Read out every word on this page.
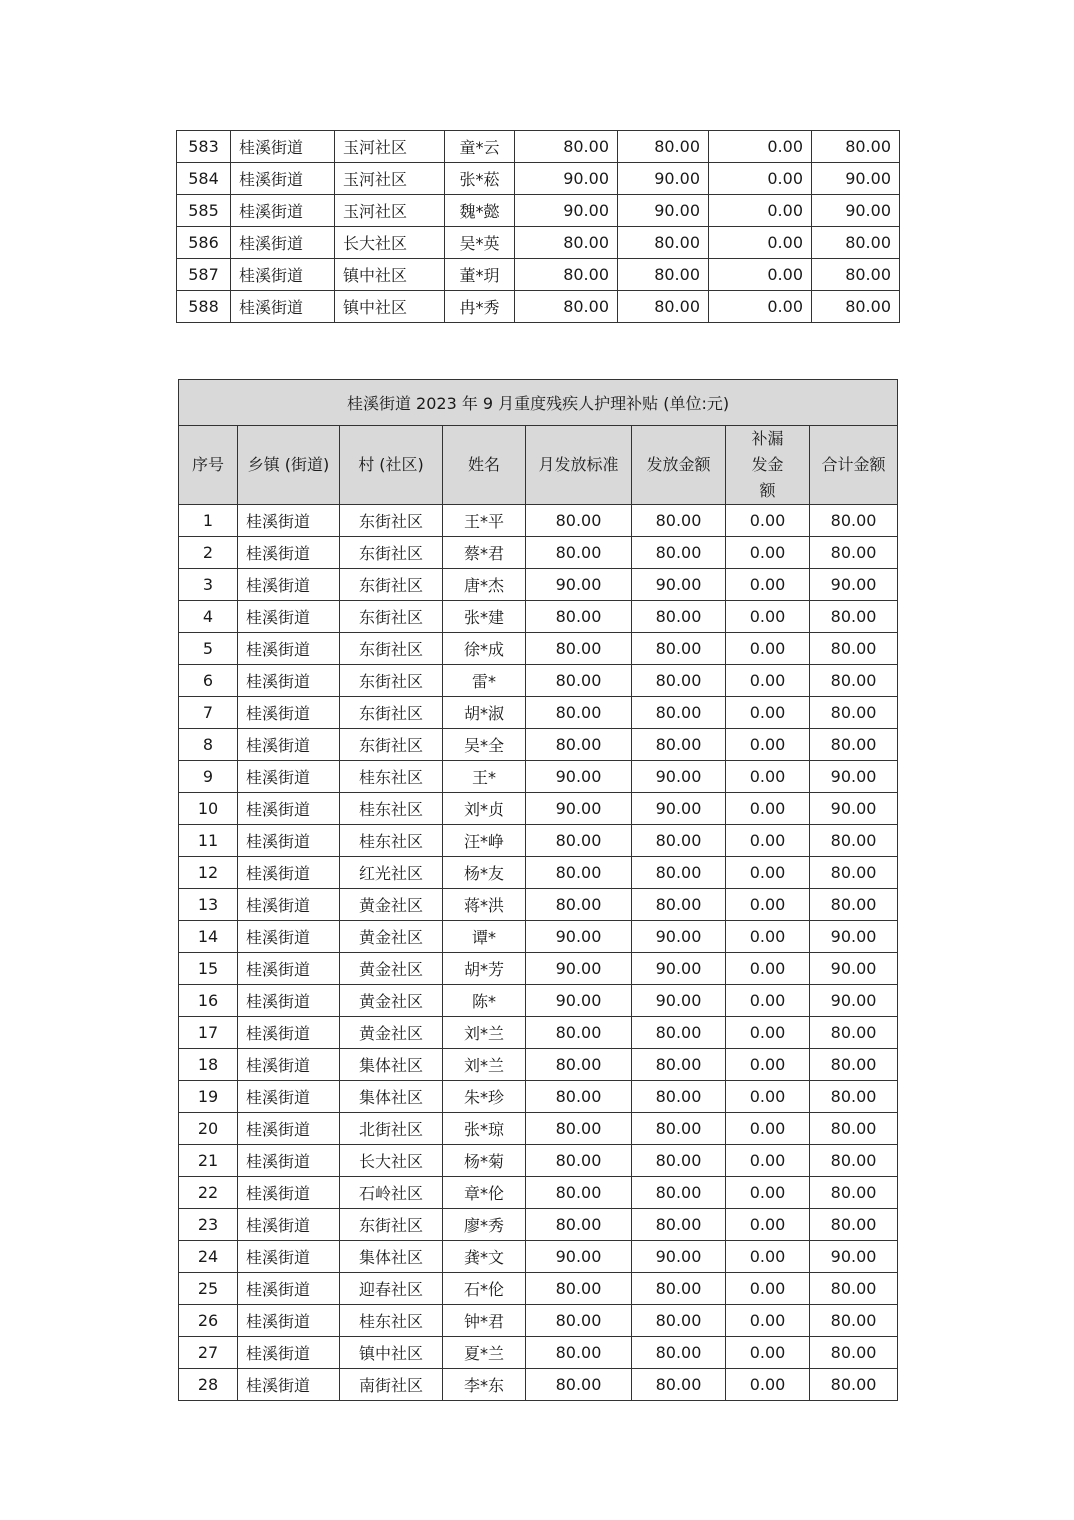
583	桂溪街道	玉河社区	童*云	80.00	80.00	0.00	80.00
584	桂溪街道	玉河社区	张*菘	90.00	90.00	0.00	90.00
585	桂溪街道	玉河社区	魏*懿	90.00	90.00	0.00	90.00
586	桂溪街道	长大社区	吴*英	80.00	80.00	0.00	80.00
587	桂溪街道	镇中社区	董*玥	80.00	80.00	0.00	80.00
588	桂溪街道	镇中社区	冉*秀	80.00	80.00	0.00	80.00
桂溪街道 2023 年 9 月重度残疾人护理补贴 (单位:元)							
序号	乡镇 (街道)	村 (社区)	姓名	月发放标准	发放金额	补漏发金额	合计金额
1	桂溪街道	东街社区	王*平	80.00	80.00	0.00	80.00
2	桂溪街道	东街社区	蔡*君	80.00	80.00	0.00	80.00
3	桂溪街道	东街社区	唐*杰	90.00	90.00	0.00	90.00
4	桂溪街道	东街社区	张*建	80.00	80.00	0.00	80.00
5	桂溪街道	东街社区	徐*成	80.00	80.00	0.00	80.00
6	桂溪街道	东街社区	雷*	80.00	80.00	0.00	80.00
7	桂溪街道	东街社区	胡*淑	80.00	80.00	0.00	80.00
8	桂溪街道	东街社区	吴*全	80.00	80.00	0.00	80.00
9	桂溪街道	桂东社区	王*	90.00	90.00	0.00	90.00
10	桂溪街道	桂东社区	刘*贞	90.00	90.00	0.00	90.00
11	桂溪街道	桂东社区	汪*峥	80.00	80.00	0.00	80.00
12	桂溪街道	红光社区	杨*友	80.00	80.00	0.00	80.00
13	桂溪街道	黄金社区	蒋*洪	80.00	80.00	0.00	80.00
14	桂溪街道	黄金社区	谭*	90.00	90.00	0.00	90.00
15	桂溪街道	黄金社区	胡*芳	90.00	90.00	0.00	90.00
16	桂溪街道	黄金社区	陈*	90.00	90.00	0.00	90.00
17	桂溪街道	黄金社区	刘*兰	80.00	80.00	0.00	80.00
18	桂溪街道	集体社区	刘*兰	80.00	80.00	0.00	80.00
19	桂溪街道	集体社区	朱*珍	80.00	80.00	0.00	80.00
20	桂溪街道	北街社区	张*琼	80.00	80.00	0.00	80.00
21	桂溪街道	长大社区	杨*菊	80.00	80.00	0.00	80.00
22	桂溪街道	石岭社区	章*伦	80.00	80.00	0.00	80.00
23	桂溪街道	东街社区	廖*秀	80.00	80.00	0.00	80.00
24	桂溪街道	集体社区	龚*文	90.00	90.00	0.00	90.00
25	桂溪街道	迎春社区	石*伦	80.00	80.00	0.00	80.00
26	桂溪街道	桂东社区	钟*君	80.00	80.00	0.00	80.00
27	桂溪街道	镇中社区	夏*兰	80.00	80.00	0.00	80.00
28	桂溪街道	南街社区	李*东	80.00	80.00	0.00	80.00
